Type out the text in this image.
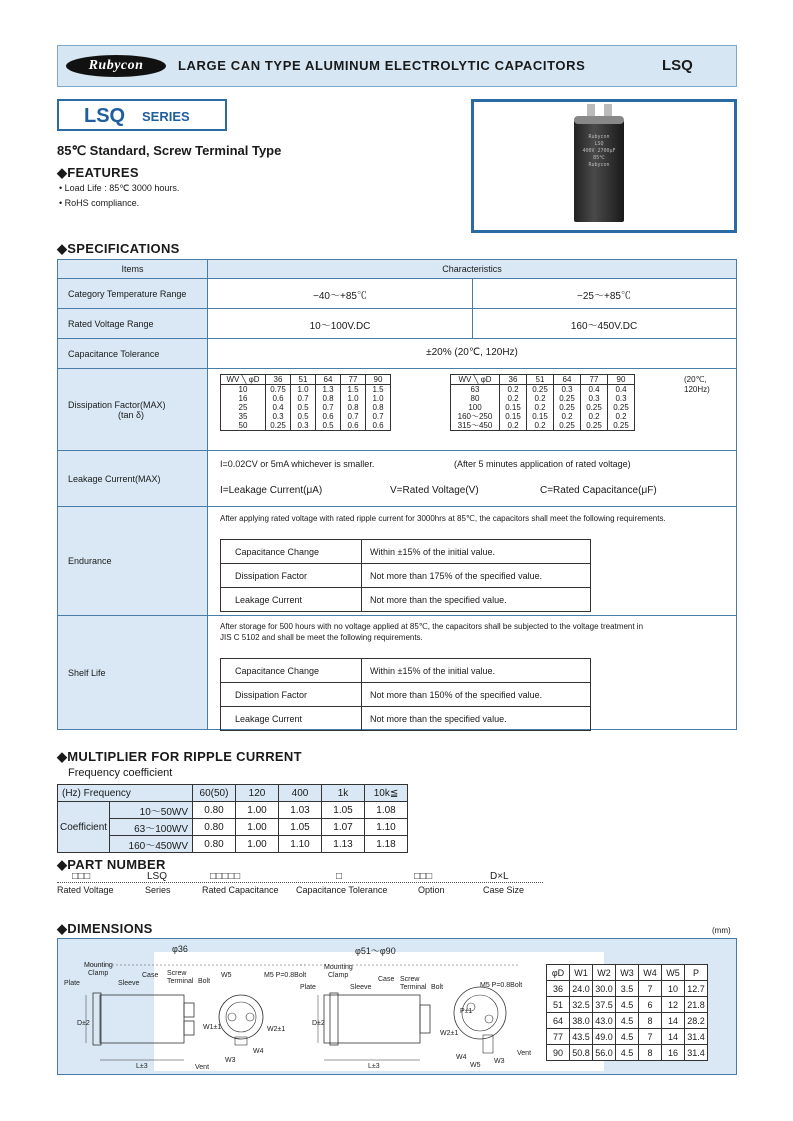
Rubycon	LARGE CAN TYPE ALUMINUM ELECTROLYTIC CAPACITORS	LSQ
LSQ SERIES
Rubycon
LSQ
400V 2700μF
85℃
Rubycon
85℃ Standard, Screw Terminal Type
◆FEATURES
• Load Life : 85℃ 3000 hours.
• RoHS compliance.
◆SPECIFICATIONS
Items	Characteristics
Category Temperature Range	−40～+85℃	−25～+85℃
Rated Voltage Range	10～100V.DC	160～450V.DC
Capacitance Tolerance	±20% (20℃, 120Hz)
Dissipation Factor(MAX)
(tan δ)
WV ╲ φD	36	51	64	77	90
10	0.75	1.0	1.3	1.5	1.5
16	0.6	0.7	0.8	1.0	1.0
25	0.4	0.5	0.7	0.8	0.8
35	0.3	0.5	0.6	0.7	0.7
50	0.25	0.3	0.5	0.6	0.6
WV ╲ φD	36	51	64	77	90
63	0.2	0.25	0.3	0.4	0.4
80	0.2	0.2	0.25	0.3	0.3
100	0.15	0.2	0.25	0.25	0.25
160～250	0.15	0.15	0.2	0.2	0.2
315～450	0.2	0.2	0.25	0.25	0.25
(20℃, 120Hz)
Leakage Current(MAX)
I=0.02CV or 5mA whichever is smaller.	(After 5 minutes application of rated voltage)
I=Leakage Current(μA)	V=Rated Voltage(V)	C=Rated Capacitance(μF)
Endurance
After applying rated voltage with rated ripple current for 3000hrs at 85℃, the capacitors shall meet the following requirements.
Capacitance Change	Within ±15% of the initial value.
Dissipation Factor	Not more than 175% of the specified value.
Leakage Current	Not more than the specified value.
Shelf Life
After storage for 500 hours with no voltage applied at 85℃, the capacitors shall be subjected to the voltage treatment in
JIS C 5102 and shall be meet the following requirements.
Capacitance Change	Within ±15% of the initial value.
Dissipation Factor	Not more than 150% of the specified value.
Leakage Current	Not more than the specified value.
◆MULTIPLIER FOR RIPPLE CURRENT
Frequency coefficient
(Hz) Frequency		60(50)	120	400	1k	10k≦
Coefficient	10～50WV	0.80	1.00	1.03	1.05	1.08
	63～100WV	0.80	1.00	1.05	1.07	1.10
	160～450WV	0.80	1.00	1.10	1.13	1.18
◆PART NUMBER
□□□	LSQ	□□□□□	□	□□□	D×L
Rated Voltage	Series	Rated Capacitance Capacitance Tolerance	Option	Case Size
◆DIMENSIONS	(mm)
φ36	φ51～φ90
Mounting
Clamp
Plate	Sleeve
Case Screw
Terminal Bolt
W5	M5 P=0.8Bolt
D±2
L±3	Vent
W1±1	W2±1
W3
W4
Mounting
Clamp
Plate	Sleeve
Case Screw
Terminal Bolt	M5 P=0.8Bolt
D±2
L±3
Vent
P±1
W2±1
W4
W5
W3
φD	W1	W2	W3	W4	W5	P
36	24.0	30.0	3.5	7	10	12.7
51	32.5	37.5	4.5	6	12	21.8
64	38.0	43.0	4.5	8	14	28.2
77	43.5	49.0	4.5	7	14	31.4
90	50.8	56.0	4.5	8	16	31.4
